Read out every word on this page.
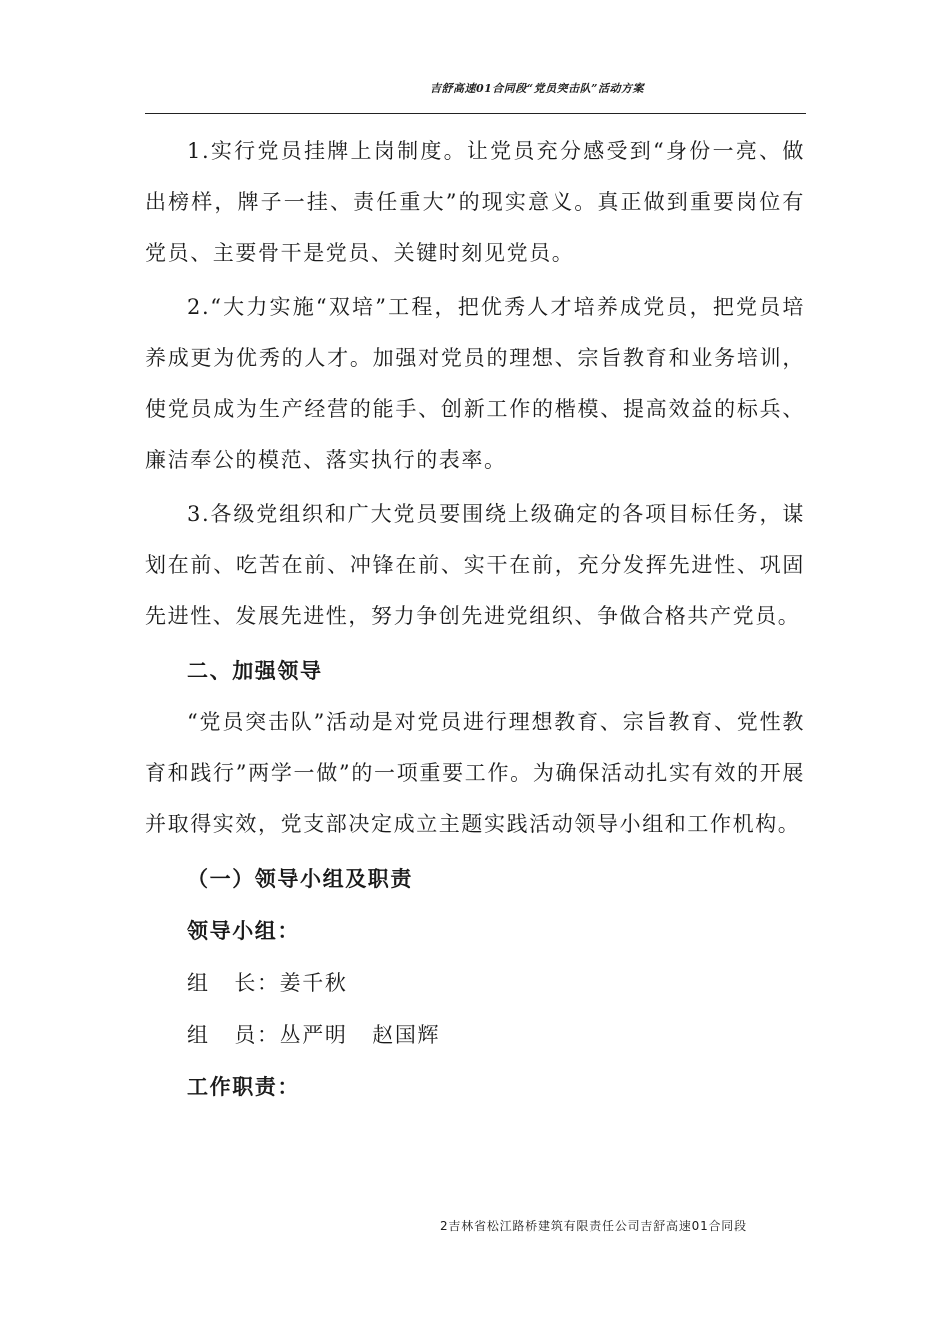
吉舒高速01合同段“党员突击队”活动方案

1.实行党员挂牌上岗制度。让党员充分感受到“身份一亮、做出榜样，牌子一挂、责任重大”的现实意义。真正做到重要岗位有党员、主要骨干是党员、关键时刻见党员。

2.“大力实施“双培”工程，把优秀人才培养成党员，把党员培养成更为优秀的人才。加强对党员的理想、宗旨教育和业务培训，使党员成为生产经营的能手、创新工作的楷模、提高效益的标兵、廉洁奉公的模范、落实执行的表率。

3.各级党组织和广大党员要围绕上级确定的各项目标任务，谋划在前、吃苦在前、冲锋在前、实干在前，充分发挥先进性、巩固先进性、发展先进性，努力争创先进党组织、争做合格共产党员。

二、加强领导

“党员突击队”活动是对党员进行理想教育、宗旨教育、党性教育和践行”两学一做”的一项重要工作。为确保活动扎实有效的开展并取得实效，党支部决定成立主题实践活动领导小组和工作机构。

（一）领导小组及职责

领导小组：

组   长：姜千秋

组   员：丛严明   赵国辉

工作职责：

2吉林省松江路桥建筑有限责任公司吉舒高速01合同段
